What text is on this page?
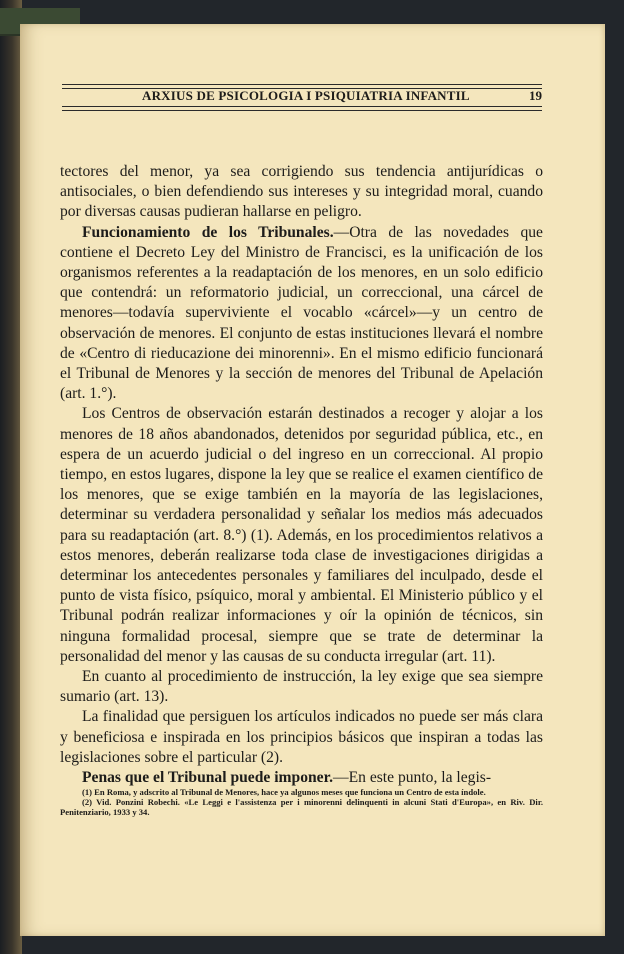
ARXIUS DE PSICOLOGIA I PSIQUIATRIA INFANTIL	19

tectores del menor, ya sea corrigiendo sus tendencia antijurídicas o antisociales, o bien defendiendo sus intereses y su integridad moral, cuando por diversas causas pudieran hallarse en peligro.

Funcionamiento de los Tribunales.—Otra de las novedades que contiene el Decreto Ley del Ministro de Francisci, es la unificación de los organismos referentes a la readaptación de los menores, en un solo edificio que contendrá: un reformatorio judicial, un correccional, una cárcel de menores—todavía superviviente el vocablo «cárcel»—y un centro de observación de menores. El conjunto de estas instituciones llevará el nombre de «Centro di rieducazione dei minorenni». En el mismo edificio funcionará el Tribunal de Menores y la sección de menores del Tribunal de Apelación (art. 1.°).

Los Centros de observación estarán destinados a recoger y alojar a los menores de 18 años abandonados, detenidos por seguridad pública, etc., en espera de un acuerdo judicial o del ingreso en un correccional. Al propio tiempo, en estos lugares, dispone la ley que se realice el examen científico de los menores, que se exige también en la mayoría de las legislaciones, determinar su verdadera personalidad y señalar los medios más adecuados para su readaptación (art. 8.°) (1). Además, en los procedimientos relativos a estos menores, deberán realizarse toda clase de investigaciones dirigidas a determinar los antecedentes personales y familiares del inculpado, desde el punto de vista físico, psíquico, moral y ambiental. El Ministerio público y el Tribunal podrán realizar informaciones y oír la opinión de técnicos, sin ninguna formalidad procesal, siempre que se trate de determinar la personalidad del menor y las causas de su conducta irregular (art. 11).

En cuanto al procedimiento de instrucción, la ley exige que sea siempre sumario (art. 13).

La finalidad que persiguen los artículos indicados no puede ser más clara y beneficiosa e inspirada en los principios básicos que inspiran a todas las legislaciones sobre el particular (2).

Penas que el Tribunal puede imponer.—En este punto, la legis-

(1) En Roma, y adscrito al Tribunal de Menores, hace ya algunos meses que funciona un Centro de esta índole.

(2) Vid. Ponzini Robechi. «Le Leggi e l'assistenza per i minorenni delinquenti in alcuni Stati d'Europa», en Riv. Dir. Penitenziario, 1933 y 34.
